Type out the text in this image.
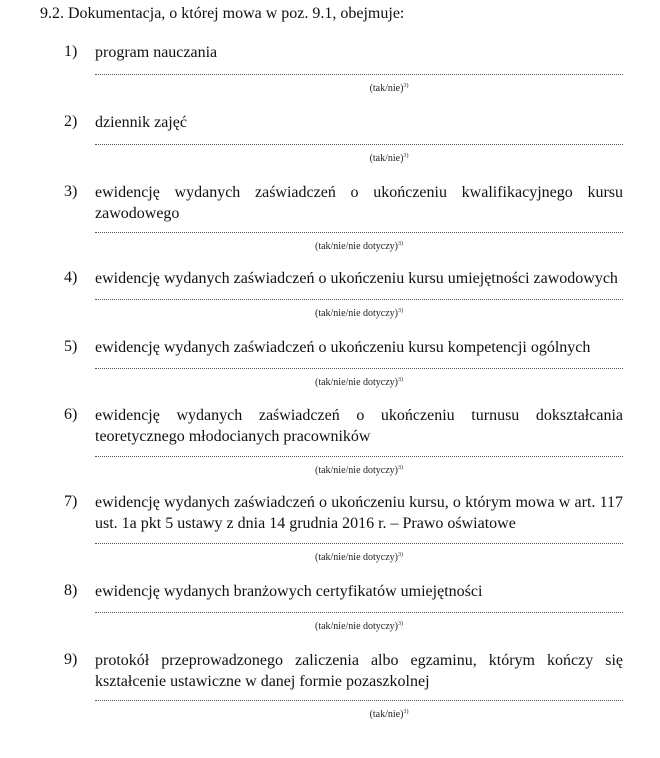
9.2. Dokumentacja, o której mowa w poz. 9.1, obejmuje:
1) program nauczania
$(tak/nie)^{3)}$
2) dziennik zajęć
$(tak/nie)^{3)}$
3) ewidencję wydanych zaświadczeń o ukończeniu kwalifikacyjnego kursu zawodowego
(tak/nie/nie dotyczy)$^{3)}$
4) ewidencję wydanych zaświadczeń o ukończeniu kursu umiejętności zawodowych
(tak/nie/nie dotyczy)$^{3)}$
5) ewidencję wydanych zaświadczeń o ukończeniu kursu kompetencji ogólnych
(tak/nie/nie dotyczy)$^{3)}$
6) ewidencję wydanych zaświadczeń o ukończeniu turnusu dokształcania teoretycznego młodocianych pracowników
(tak/nie/nie dotyczy)$^{3)}$
7) ewidencję wydanych zaświadczeń o ukończeniu kursu, o którym mowa w art. 117 ust. 1a pkt 5 ustawy z dnia 14 grudnia 2016 r. – Prawo oświatowe
(tak/nie/nie dotyczy)$^{3)}$
8) ewidencję wydanych branżowych certyfikatów umiejętności
(tak/nie/nie dotyczy)$^{3)}$
9) protokół przeprowadzonego zaliczenia albo egzaminu, którym kończy się kształcenie ustawiczne w danej formie pozaszkolnej
$(tak/nie)^{3)}$
